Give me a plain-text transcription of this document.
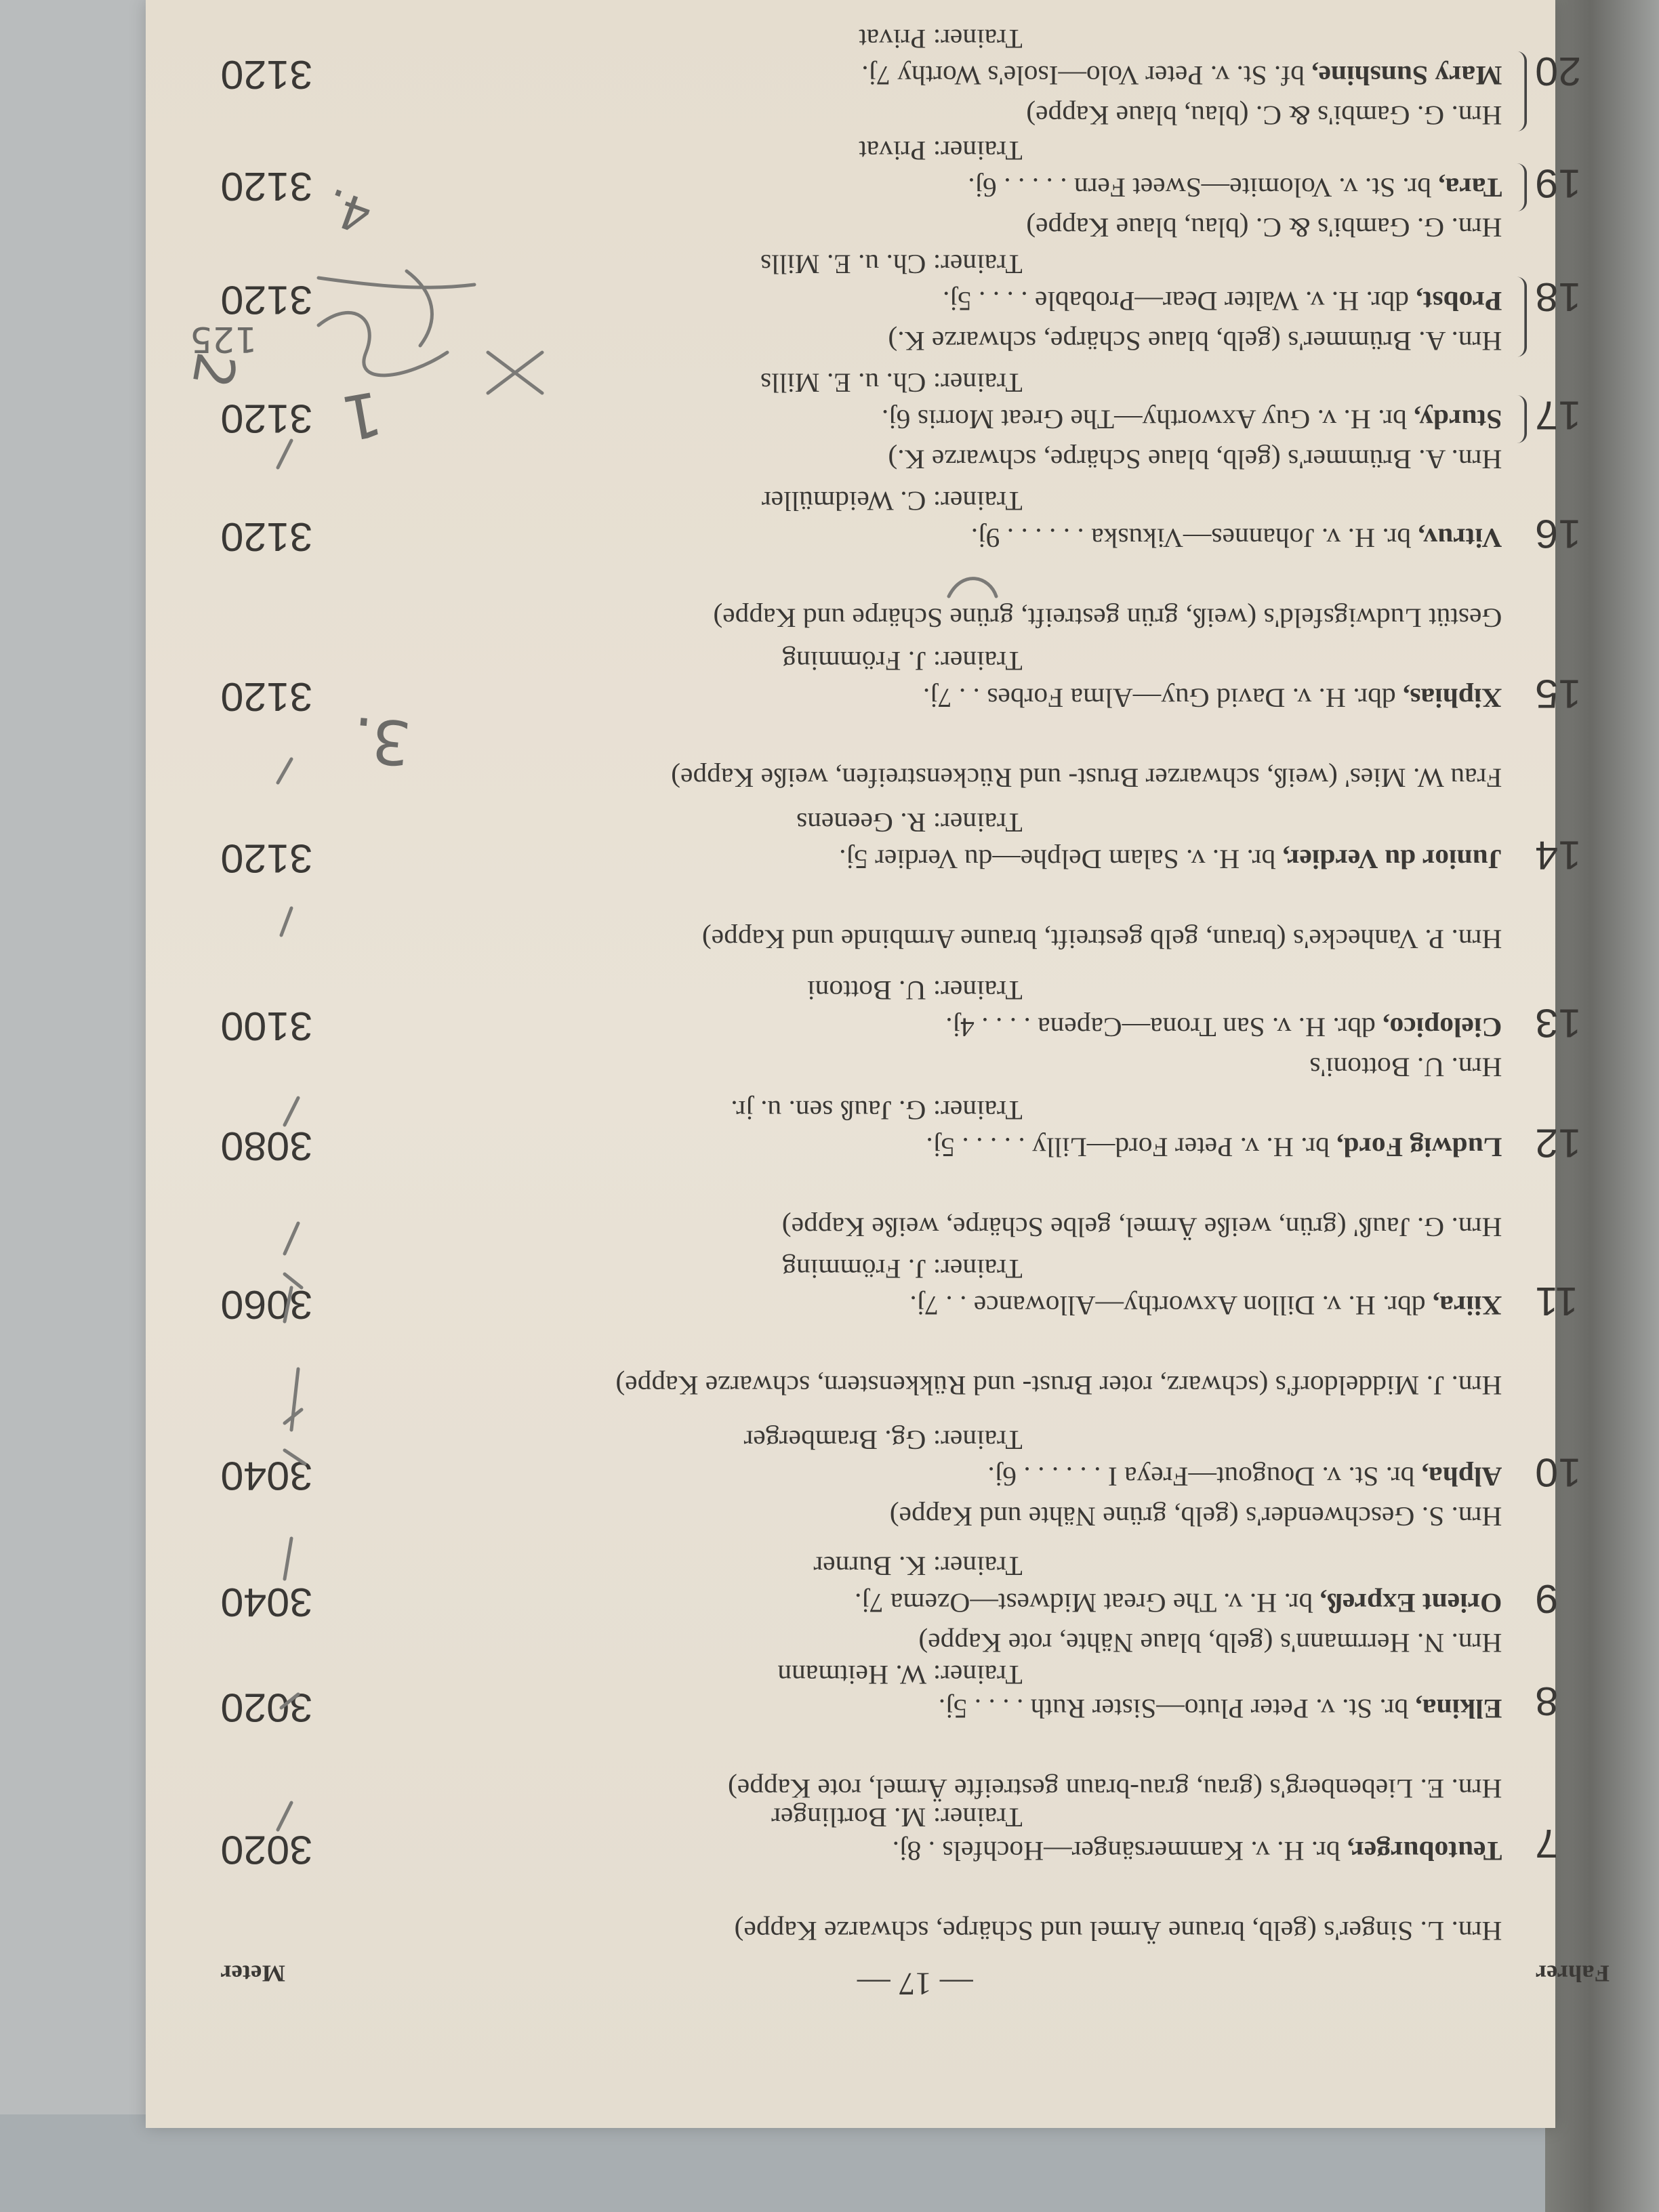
Fahrer
— 17 —
Meter
Hrn. L. Singer's (gelb, braune Ärmel und Schärpe, schwarze Kappe)
7
Teutoburger, br. H. v. Kammersänger—Hochfels . 8j.
3020
Trainer: M. Bortlinger
Hrn. E. Liebenberg's (grau, grau-braun gestreifte Ärmel, rote Kappe)
8
Elkina, br. St. v. Peter Pluto—Sister Ruth . . . . 5j.
3020
Trainer: W. Heitmann
Hrn. N. Herrmann's (gelb, blaue Nähte, rote Kappe)
9
Orient Expreß, br. H. v. The Great Midwest—Ozema 7j.
3040
Trainer: K. Burner
Hrn. S. Geschwender's (gelb, grüne Nähte und Kappe)
10
Alpha, br. St. v. Dougout—Freya I . . . . . . 6j.
3040
Trainer: Gg. Bramberger
Hrn. J. Middeldorf's (schwarz, roter Brust- und Rükkenstern, schwarze Kappe)
11
Xiira, dbr. H. v. Dillon Axworthy—Allowance . . 7j.
3060
Trainer: J. Frömming
Hrn. G. Jauß' (grün, weiße Ärmel, gelbe Schärpe, weiße Kappe)
12
Ludwig Ford, br. H. v. Peter Ford—Lilly . . . . . 5j.
3080
Trainer: G. Jauß sen. u. jr.
Hrn. U. Bottoni's
13
Cielopico, dbr. H. v. San Trona—Capena . . . . 4j.
3100
Trainer: U. Bottoni
Hrn. P. Vanhecke's (braun, gelb gestreift, braune Armbinde und Kappe)
14
Junior du Verdier, br. H. v. Salam Delphe—du Verdier 5j.
3120
Trainer: R. Geenens
Frau W. Mies' (weiß, schwarzer Brust- und Rückenstreifen, weiße Kappe)
15
Xiphias, dbr. H. v. David Guy—Alma Forbes . . 7j.
3120
Trainer: J. Frömming
Gestüt Ludwigsfeld's (weiß, grün gestreift, grüne Schärpe und Kappe)
16
Vitruv, br. H. v. Johannes—Vikuska . . . . . . 9j.
3120
Trainer: C. Weidmüller
Hrn. A. Brümmer's (gelb, blaue Schärpe, schwarze K.)
17
Sturdy, br. H. v. Guy Axworthy—The Great Morris 6j.
3120
Trainer: Ch. u. E. Mills
Hrn. A. Brümmer's (gelb, blaue Schärpe, schwarze K.)
18
Probst, dbr. H. v. Walter Dear—Probable . . . . 5j.
3120
Trainer: Ch. u. E. Mills
Hrn. G. Gambi's & C. (blau, blaue Kappe)
19
Tara, br. St. v. Volomite—Sweet Fern . . . . . 6j.
3120
Trainer: Privat
Hrn. G. Gambi's & C. (blau, blaue Kappe)
20
Mary Sunshine, bf. St. v. Peter Volo—Isole's Worthy 7j.
3120
Trainer: Privat
3.
4.
2
1
125
